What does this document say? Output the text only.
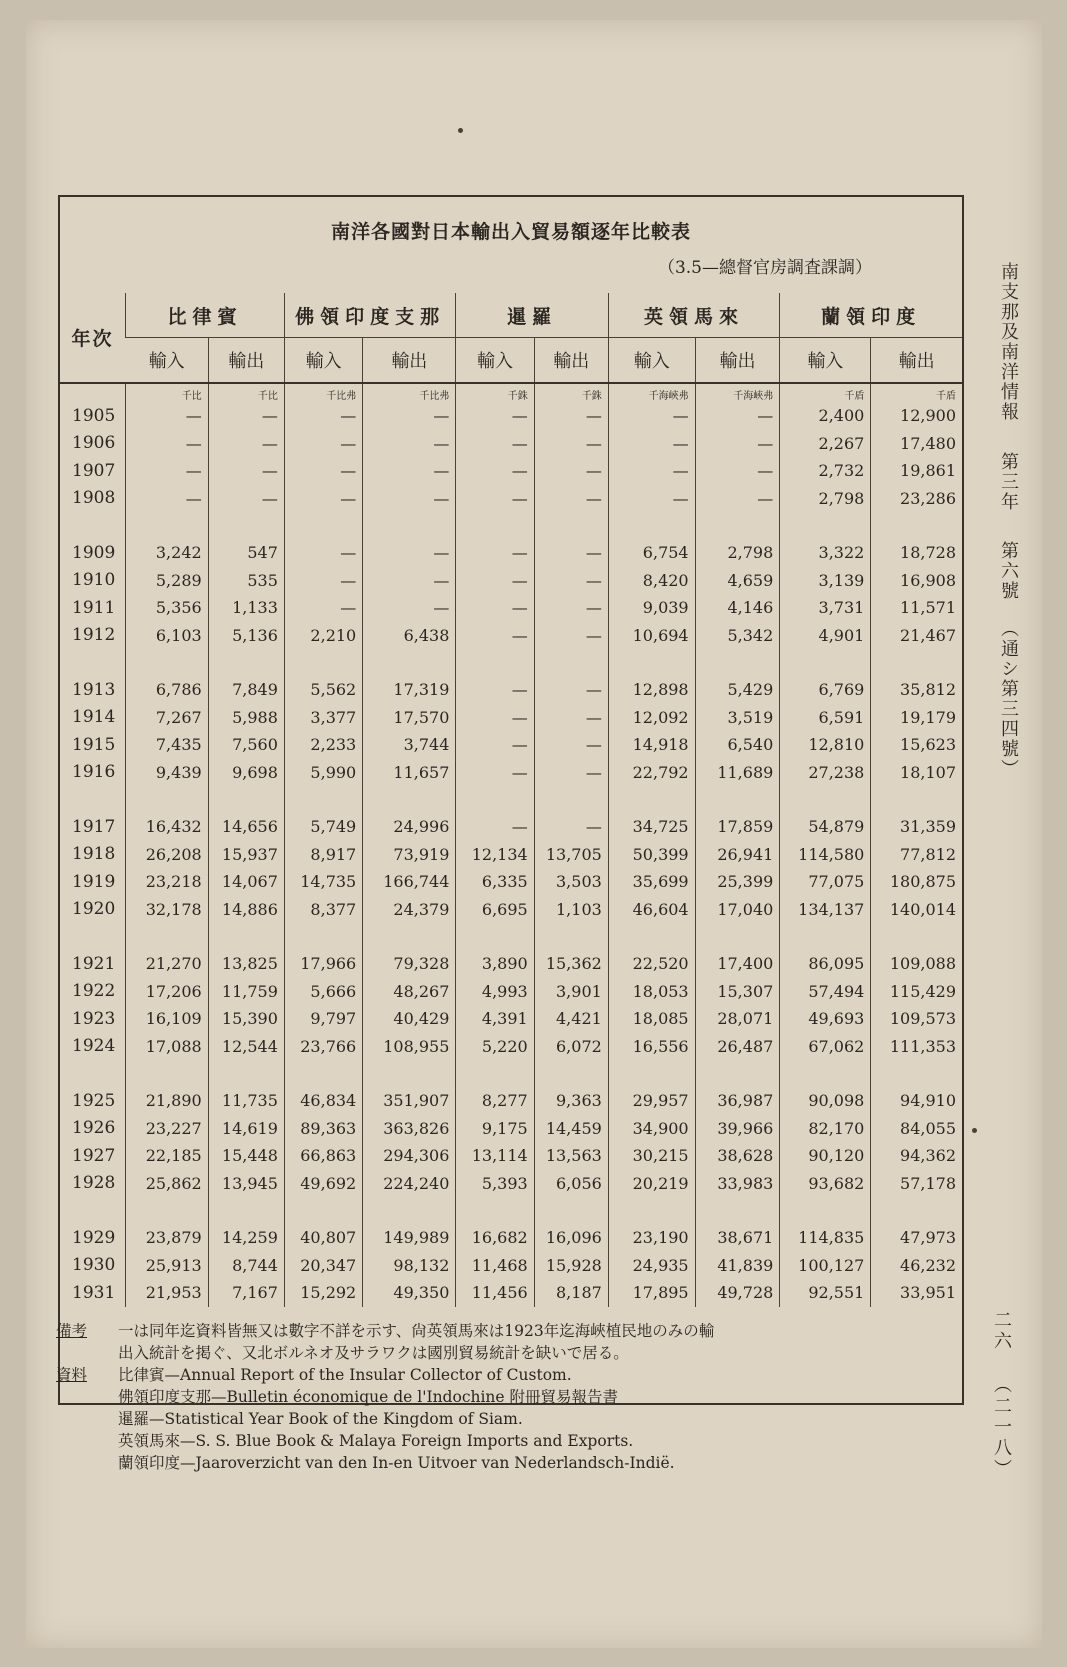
南洋各國對日本輸出入貿易額逐年比較表
（3.5—總督官房調査課調）
年次	比律賓		佛領印度支那		暹羅		英領馬來		蘭領印度	
	輸入	輸出	輸入	輸出	輸入	輸出	輸入	輸出	輸入	輸出
	千比	千比	千比弗	千比弗	千銖	千銖	千海峽弗	千海峽弗	千盾	千盾
1905	—	—	—	—	—	—	—	—	2,400	12,900
1906	—	—	—	—	—	—	—	—	2,267	17,480
1907	—	—	—	—	—	—	—	—	2,732	19,861
1908	—	—	—	—	—	—	—	—	2,798	23,286

1909	3,242	547	—	—	—	—	6,754	2,798	3,322	18,728
1910	5,289	535	—	—	—	—	8,420	4,659	3,139	16,908
1911	5,356	1,133	—	—	—	—	9,039	4,146	3,731	11,571
1912	6,103	5,136	2,210	6,438	—	—	10,694	5,342	4,901	21,467

1913	6,786	7,849	5,562	17,319	—	—	12,898	5,429	6,769	35,812
1914	7,267	5,988	3,377	17,570	—	—	12,092	3,519	6,591	19,179
1915	7,435	7,560	2,233	3,744	—	—	14,918	6,540	12,810	15,623
1916	9,439	9,698	5,990	11,657	—	—	22,792	11,689	27,238	18,107

1917	16,432	14,656	5,749	24,996	—	—	34,725	17,859	54,879	31,359
1918	26,208	15,937	8,917	73,919	12,134	13,705	50,399	26,941	114,580	77,812
1919	23,218	14,067	14,735	166,744	6,335	3,503	35,699	25,399	77,075	180,875
1920	32,178	14,886	8,377	24,379	6,695	1,103	46,604	17,040	134,137	140,014

1921	21,270	13,825	17,966	79,328	3,890	15,362	22,520	17,400	86,095	109,088
1922	17,206	11,759	5,666	48,267	4,993	3,901	18,053	15,307	57,494	115,429
1923	16,109	15,390	9,797	40,429	4,391	4,421	18,085	28,071	49,693	109,573
1924	17,088	12,544	23,766	108,955	5,220	6,072	16,556	26,487	67,062	111,353

1925	21,890	11,735	46,834	351,907	8,277	9,363	29,957	36,987	90,098	94,910
1926	23,227	14,619	89,363	363,826	9,175	14,459	34,900	39,966	82,170	84,055
1927	22,185	15,448	66,863	294,306	13,114	13,563	30,215	38,628	90,120	94,362
1928	25,862	13,945	49,692	224,240	5,393	6,056	20,219	33,983	93,682	57,178

1929	23,879	14,259	40,807	149,989	16,682	16,096	23,190	38,671	114,835	47,973
1930	25,913	8,744	20,347	98,132	11,468	15,928	24,935	41,839	100,127	46,232
1931	21,953	7,167	15,292	49,350	11,456	8,187	17,895	49,728	92,551	33,951
備考	一は同年迄資料皆無又は數字不詳を示す、尙英領馬來は1923年迄海峽植民地のみの輸
出入統計を掲ぐ、又北ボルネオ及サラワクは國別貿易統計を缺いで居る。
資料	比律賓—Annual Report of the Insular Collector of Custom.
佛領印度支那—Bulletin économique de l'Indochine 附冊貿易報告書
暹羅—Statistical Year Book of the Kingdom of Siam.
英領馬來—S. S. Blue Book & Malaya Foreign Imports and Exports.
蘭領印度—Jaaroverzicht van den In-en Uitvoer van Nederlandsch-Indië.
南支那及南洋情報 第三年 第六號 （通シ第三四號）
二六 （二一八）
